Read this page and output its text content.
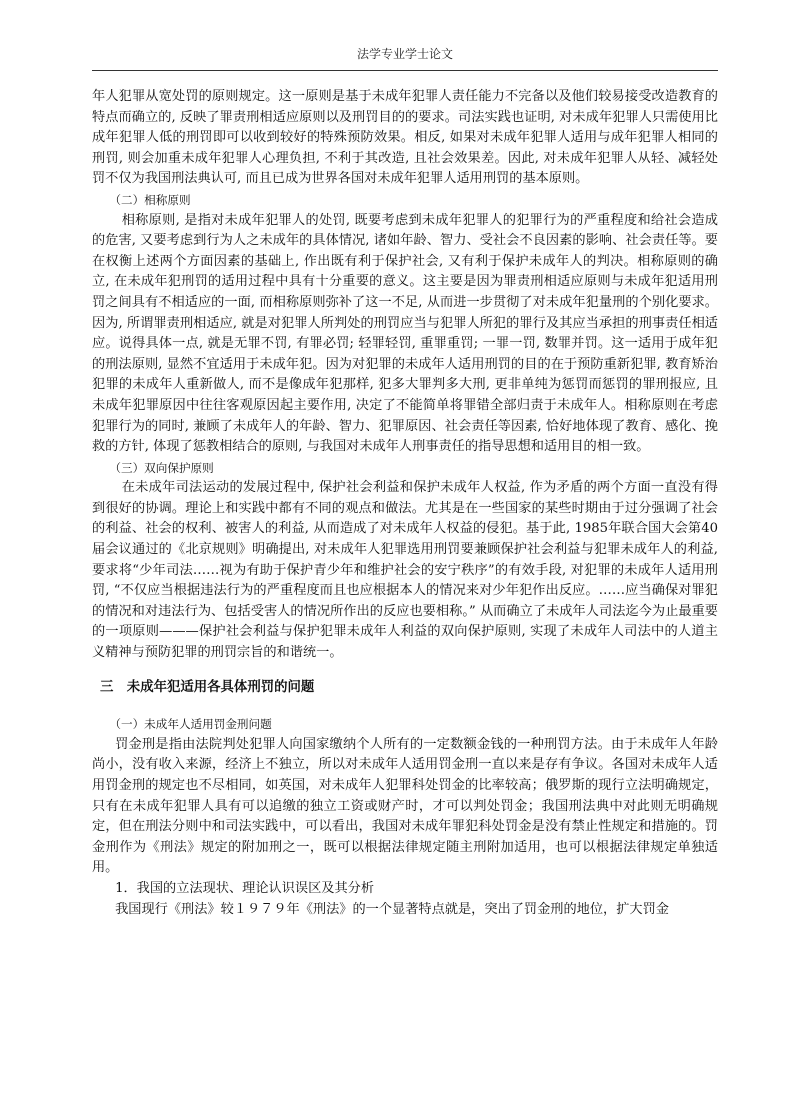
法学专业学士论文

年人犯罪从宽处罚的原则规定。这一原则是基于未成年犯罪人责任能力不完备以及他们较易接受改造教育的特点而确立的, 反映了罪责刑相适应原则以及刑罚目的的要求。司法实践也证明, 对未成年犯罪人只需使用比成年犯罪人低的刑罚即可以收到较好的特殊预防效果。相反, 如果对未成年犯罪人适用与成年犯罪人相同的刑罚, 则会加重未成年犯罪人心理负担, 不利于其改造, 且社会效果差。因此, 对未成年犯罪人从轻、减轻处罚不仅为我国刑法典认可, 而且已成为世界各国对未成年犯罪人适用刑罚的基本原则。

（二）相称原则

相称原则, 是指对未成年犯罪人的处罚, 既要考虑到未成年犯罪人的犯罪行为的严重程度和给社会造成的危害, 又要考虑到行为人之未成年的具体情况, 诸如年龄、智力、受社会不良因素的影响、社会责任等。要在权衡上述两个方面因素的基础上, 作出既有利于保护社会, 又有利于保护未成年人的判决。相称原则的确立, 在未成年犯刑罚的适用过程中具有十分重要的意义。这主要是因为罪责刑相适应原则与未成年犯适用刑罚之间具有不相适应的一面, 而相称原则弥补了这一不足, 从而进一步贯彻了对未成年犯量刑的个别化要求。因为, 所谓罪责刑相适应, 就是对犯罪人所判处的刑罚应当与犯罪人所犯的罪行及其应当承担的刑事责任相适应。说得具体一点, 就是无罪不罚, 有罪必罚; 轻罪轻罚, 重罪重罚; 一罪一罚, 数罪并罚。这一适用于成年犯的刑法原则, 显然不宜适用于未成年犯。因为对犯罪的未成年人适用刑罚的目的在于预防重新犯罪, 教育矫治犯罪的未成年人重新做人, 而不是像成年犯那样, 犯多大罪判多大刑, 更非单纯为惩罚而惩罚的罪刑报应, 且未成年犯罪原因中往往客观原因起主要作用, 决定了不能简单将罪错全部归责于未成年人。相称原则在考虑犯罪行为的同时, 兼顾了未成年人的年龄、智力、犯罪原因、社会责任等因素, 恰好地体现了教育、感化、挽救的方针, 体现了惩教相结合的原则, 与我国对未成年人刑事责任的指导思想和适用目的相一致。

（三）双向保护原则

在未成年司法运动的发展过程中, 保护社会利益和保护未成年人权益, 作为矛盾的两个方面一直没有得到很好的协调。理论上和实践中都有不同的观点和做法。尤其是在一些国家的某些时期由于过分强调了社会的利益、社会的权利、被害人的利益, 从而造成了对未成年人权益的侵犯。基于此, 1985年联合国大会第40 届会议通过的《北京规则》明确提出, 对未成年人犯罪选用刑罚要兼顾保护社会利益与犯罪未成年人的利益, 要求将“少年司法……视为有助于保护青少年和维护社会的安宁秩序”的有效手段, 对犯罪的未成年人适用刑罚, “不仅应当根据违法行为的严重程度而且也应根据本人的情况来对少年犯作出反应。……应当确保对罪犯的情况和对违法行为、包括受害人的情况所作出的反应也要相称。” 从而确立了未成年人司法迄今为止最重要的一项原则———保护社会利益与保护犯罪未成年人利益的双向保护原则, 实现了未成年人司法中的人道主义精神与预防犯罪的刑罚宗旨的和谐统一。

三　未成年犯适用各具体刑罚的问题

（一）未成年人适用罚金刑问题

罚金刑是指由法院判处犯罪人向国家缴纳个人所有的一定数额金钱的一种刑罚方法。由于未成年人年龄尚小，没有收入来源，经济上不独立，所以对未成年人适用罚金刑一直以来是存有争议。各国对未成年人适用罚金刑的规定也不尽相同，如英国，对未成年人犯罪科处罚金的比率较高；俄罗斯的现行立法明确规定，只有在未成年犯罪人具有可以追缴的独立工资或财产时，才可以判处罚金；我国刑法典中对此则无明确规定，但在刑法分则中和司法实践中，可以看出，我国对未成年罪犯科处罚金是没有禁止性规定和措施的。罚金刑作为《刑法》规定的附加刑之一，既可以根据法律规定随主刑附加适用，也可以根据法律规定单独适用。

1．我国的立法现状、理论认识误区及其分析

我国现行《刑法》较１９７９年《刑法》的一个显著特点就是，突出了罚金刑的地位，扩大罚金
